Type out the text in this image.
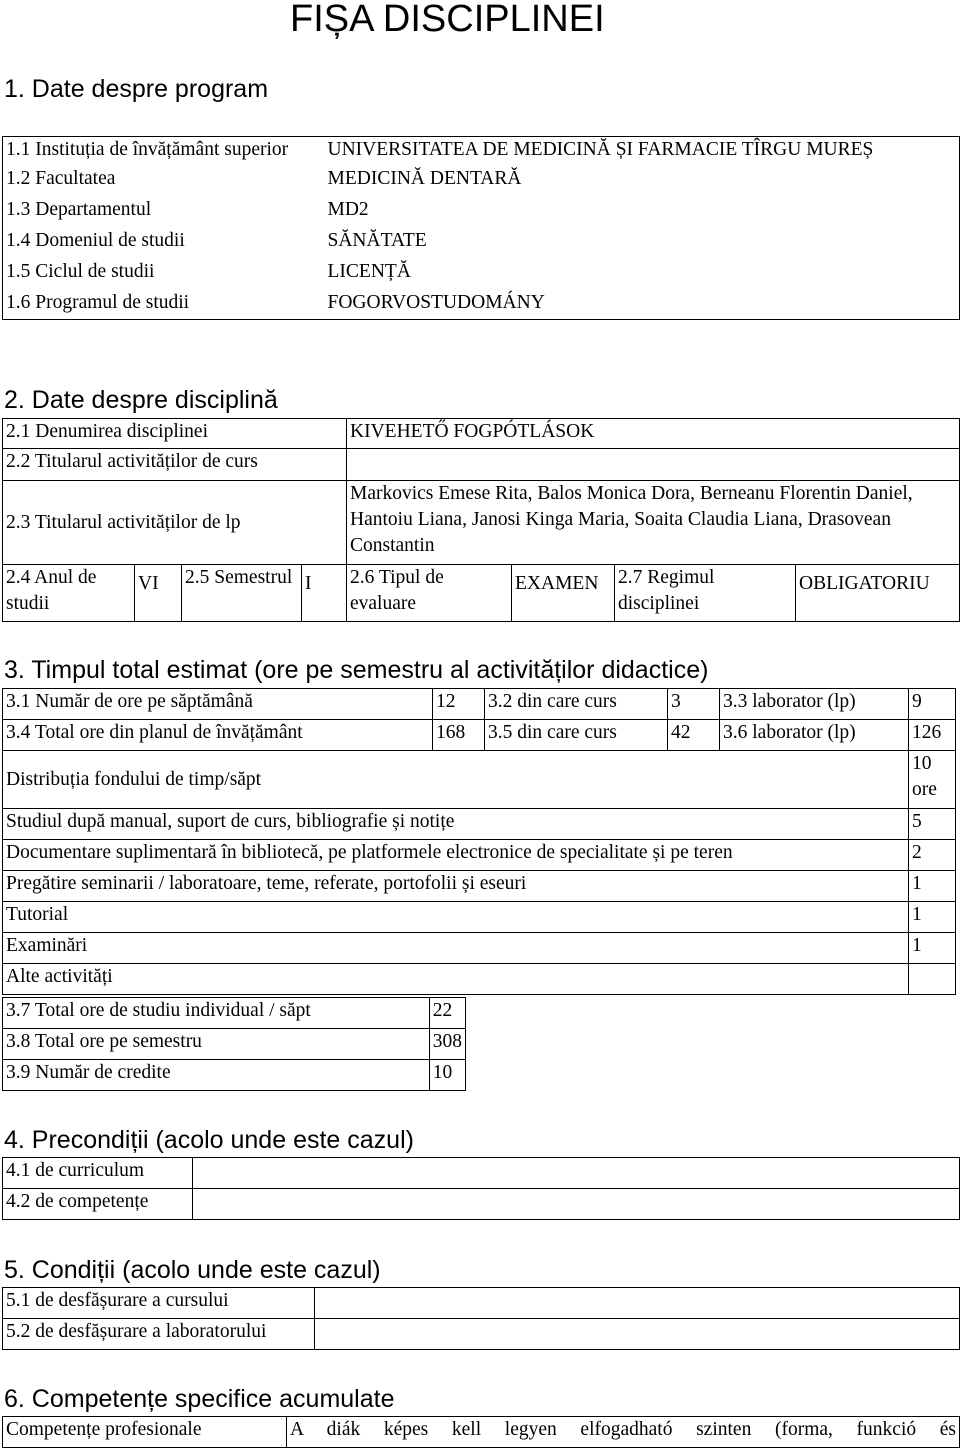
FIȘA DISCIPLINEI
1. Date despre program
1.1 Instituția de învățământ superior	UNIVERSITATEA DE MEDICINĂ ȘI FARMACIE TÎRGU MUREȘ
1.2 Facultatea	MEDICINĂ DENTARĂ
1.3 Departamentul	MD2
1.4 Domeniul de studii	SĂNĂTATE
1.5 Ciclul de studii	LICENȚĂ
1.6 Programul de studii	FOGORVOSTUDOMÁNY
2. Date despre disciplină
2.1 Denumirea disciplinei				KIVEHETŐ FOGPÓTLÁSOK			
2.2 Titularul activităților de curs							
2.3 Titularul activităților de lp				Markovics Emese Rita, Balos Monica Dora, Berneanu Florentin Daniel, Hantoiu Liana, Janosi Kinga Maria, Soaita Claudia Liana, Drasovean Constantin			
2.4 Anul de studii	VI	2.5 Semestrul	I	2.6 Tipul de evaluare	EXAMEN	2.7 Regimul disciplinei	OBLIGATORIU
3. Timpul total estimat (ore pe semestru al activităților didactice)
3.1 Număr de ore pe săptămână	12	3.2 din care curs	3	3.3 laborator (lp)	9
3.4 Total ore din planul de învățământ	168	3.5 din care curs	42	3.6 laborator (lp)	126
Distribuția fondului de timp/săpt					10 ore
Studiul după manual, suport de curs, bibliografie și notițe					5
Documentare suplimentară în bibliotecă, pe platformele electronice de specialitate și pe teren					2
Pregătire seminarii / laboratoare, teme, referate, portofolii și eseuri					1
Tutorial					1
Examinări					1
Alte activități					
3.7 Total ore de studiu individual / săpt	22
3.8 Total ore pe semestru	308
3.9 Număr de credite	10
4. Precondiții (acolo unde este cazul)
4.1 de curriculum	
4.2 de competențe	
5. Condiții (acolo unde este cazul)
5.1 de desfășurare a cursului	
5.2 de desfășurare a laboratorului	
6. Competențe specifice acumulate
Competențe profesionale	A diák képes kell legyen elfogadható szinten (forma, funkció és
